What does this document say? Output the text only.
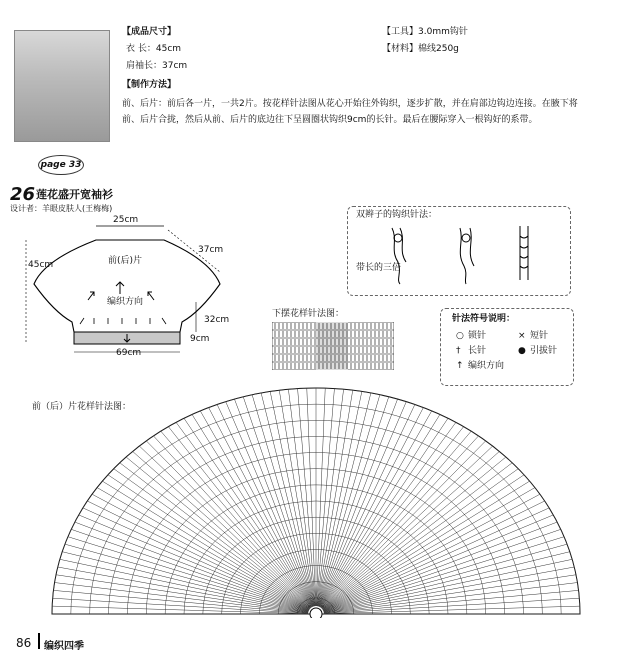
【成品尺寸】
衣 长：45cm
肩袖长：37cm
【制作方法】
【工具】3.0mm钩针
【材料】棉线250g
前、后片：前后各一片，一共2片。按花样针法图从花心开始往外钩织，逐步扩散，并在肩部边钩边连接。在腋下将前、后片合拢，然后从前、后片的底边往下呈圆圈状钩织9cm的长针。最后在腰际穿入一根钩好的系带。
page 33
26 莲花盛开宽袖衫
设计者：羊眼皮肤人(王梅梅)
25cm
37cm
45cm	前(后)片
编织方向
32cm
9cm
69cm
双辫子的钩织针法：
带长的三倍
下摆花样针法图：	针法符号说明：
○ 锁针	× 短针
† 长针	● 引拔针
↑ 编织方向
前（后）片花样针法图：
86 编织四季
